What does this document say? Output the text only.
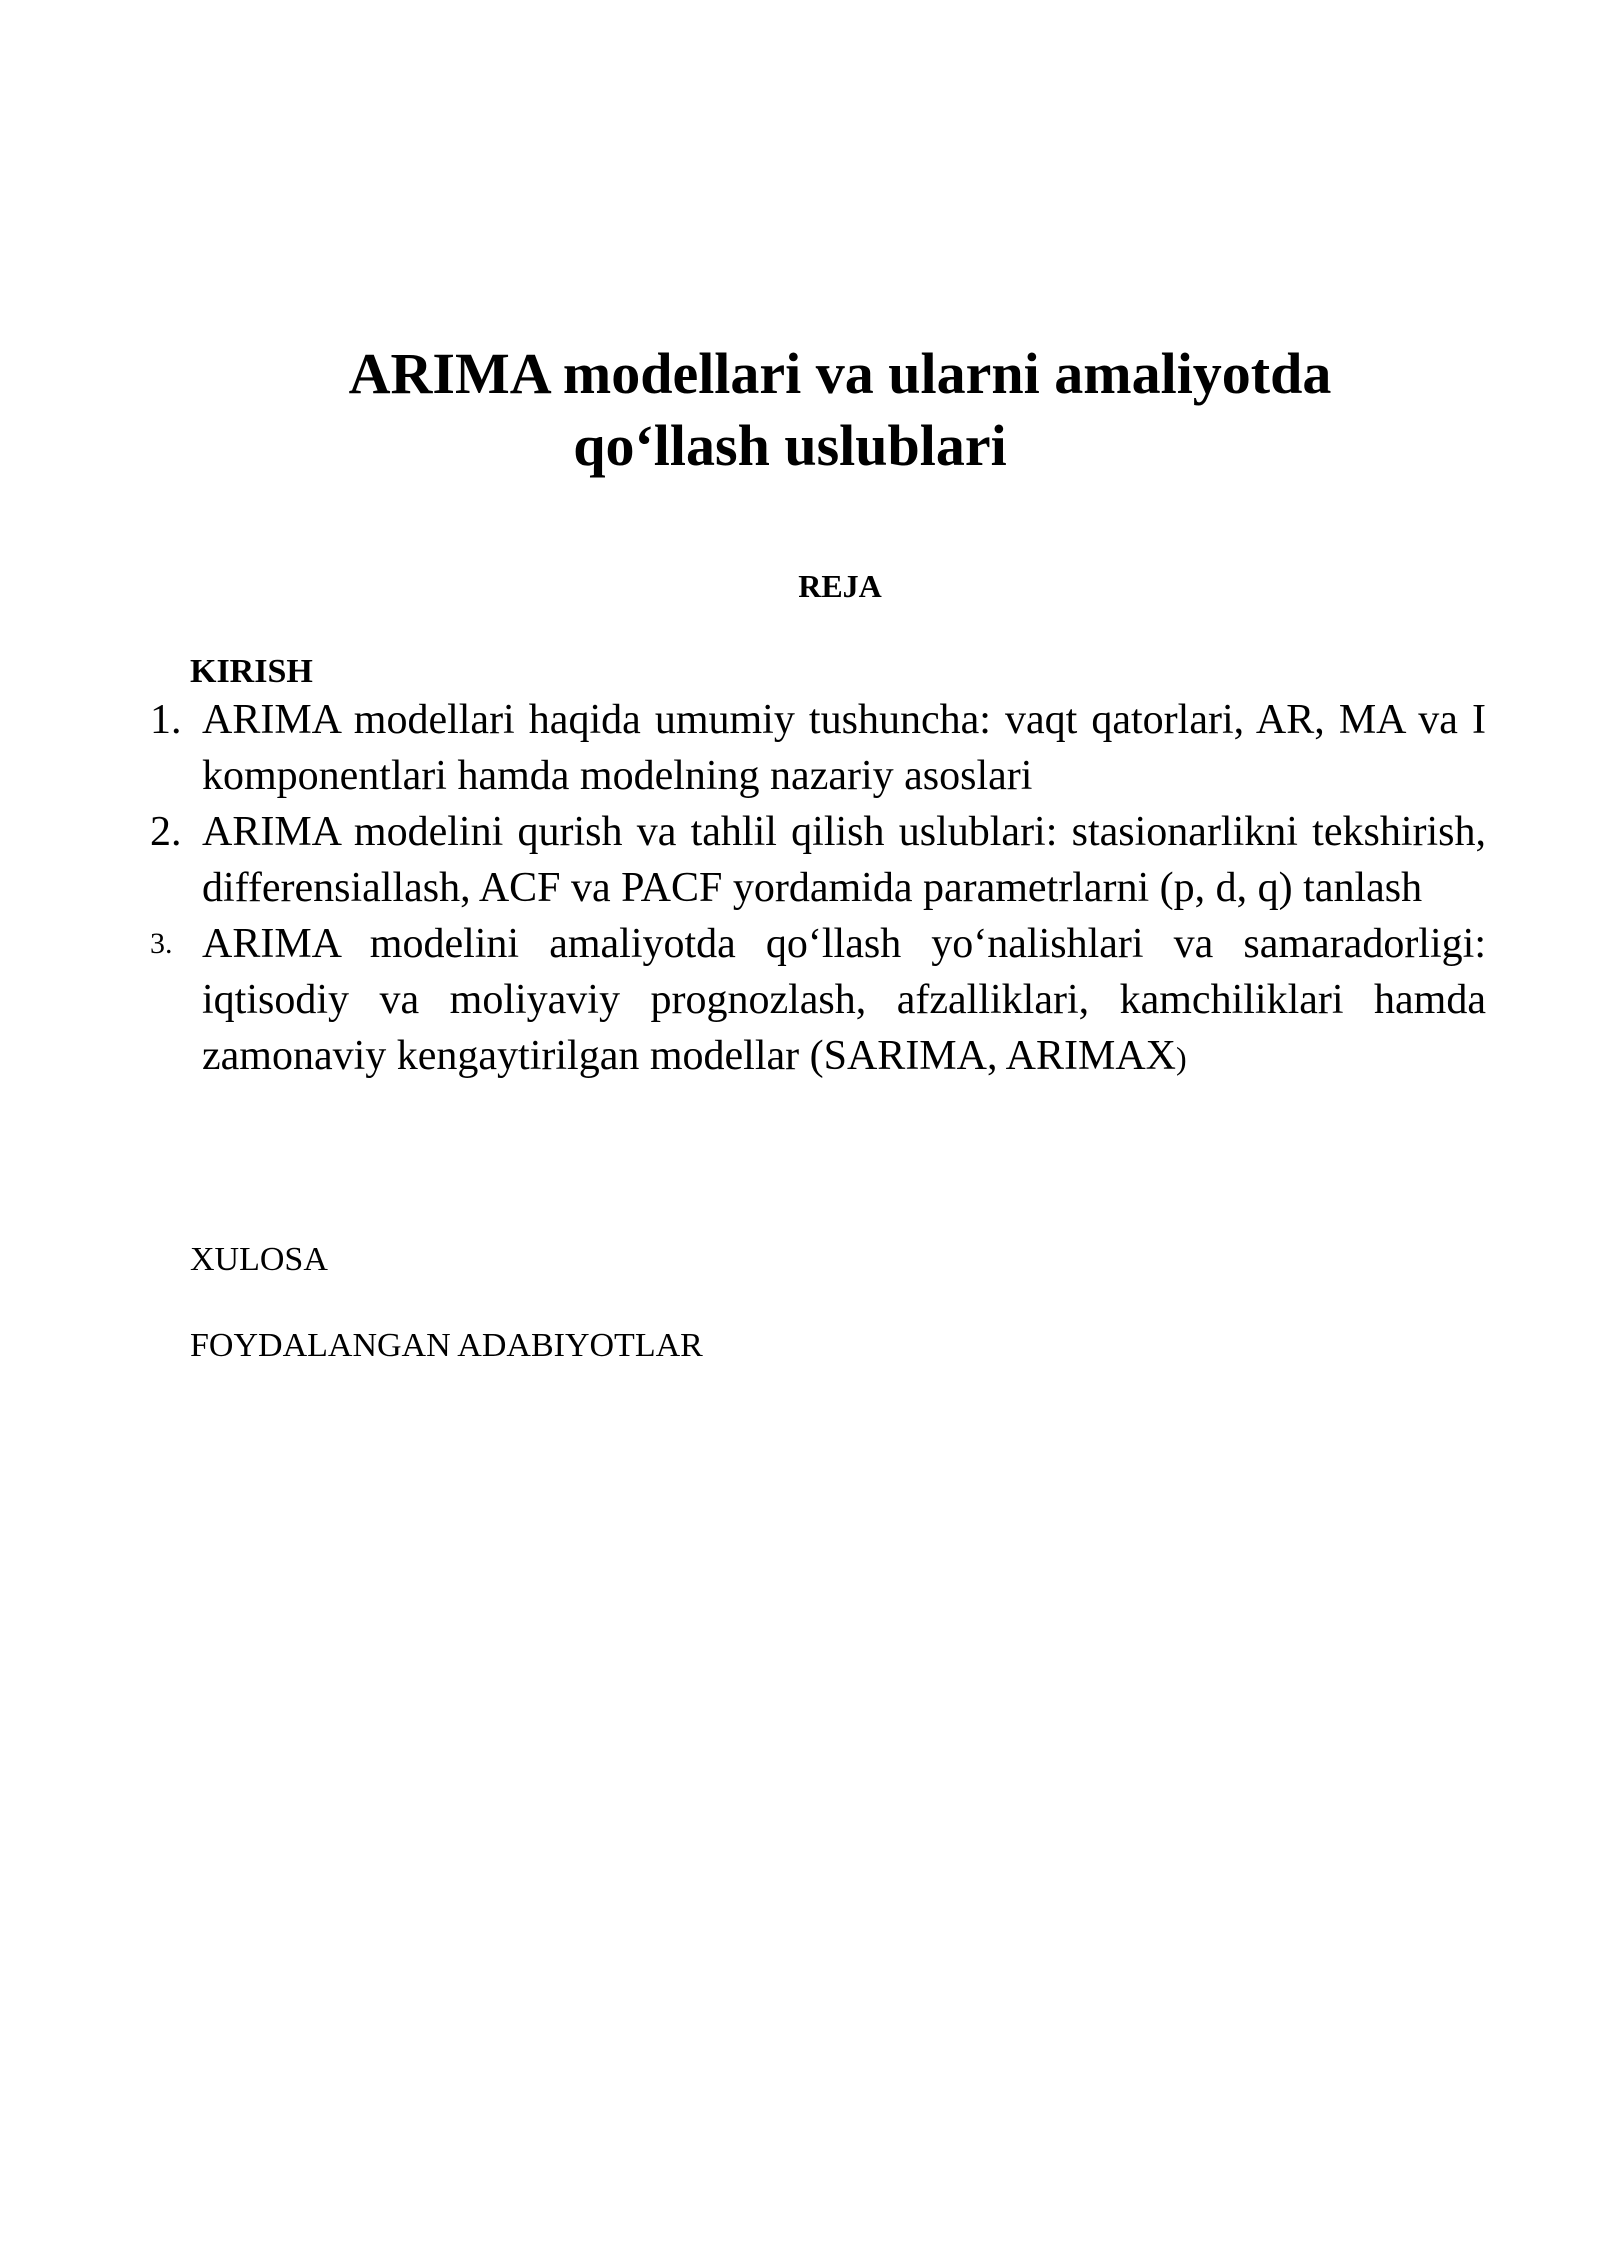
ARIMA modellari va ularni amaliyotda
qo‘llash uslublari
REJA
KIRISH
1. ARIMA modellari haqida umumiy tushuncha: vaqt qatorlari, AR, MA va I komponentlari hamda modelning nazariy asoslari
2. ARIMA modelini qurish va tahlil qilish uslublari: stasionarlikni tekshirish, differensiallash, ACF va PACF yordamida parametrlarni (p, d, q) tanlash
3. ARIMA modelini amaliyotda qo‘llash yo‘nalishlari va samaradorligi: iqtisodiy va moliyaviy prognozlash, afzalliklari, kamchiliklari hamda zamonaviy kengaytirilgan modellar (SARIMA, ARIMAX)
XULOSA
FOYDALANGAN ADABIYOTLAR
